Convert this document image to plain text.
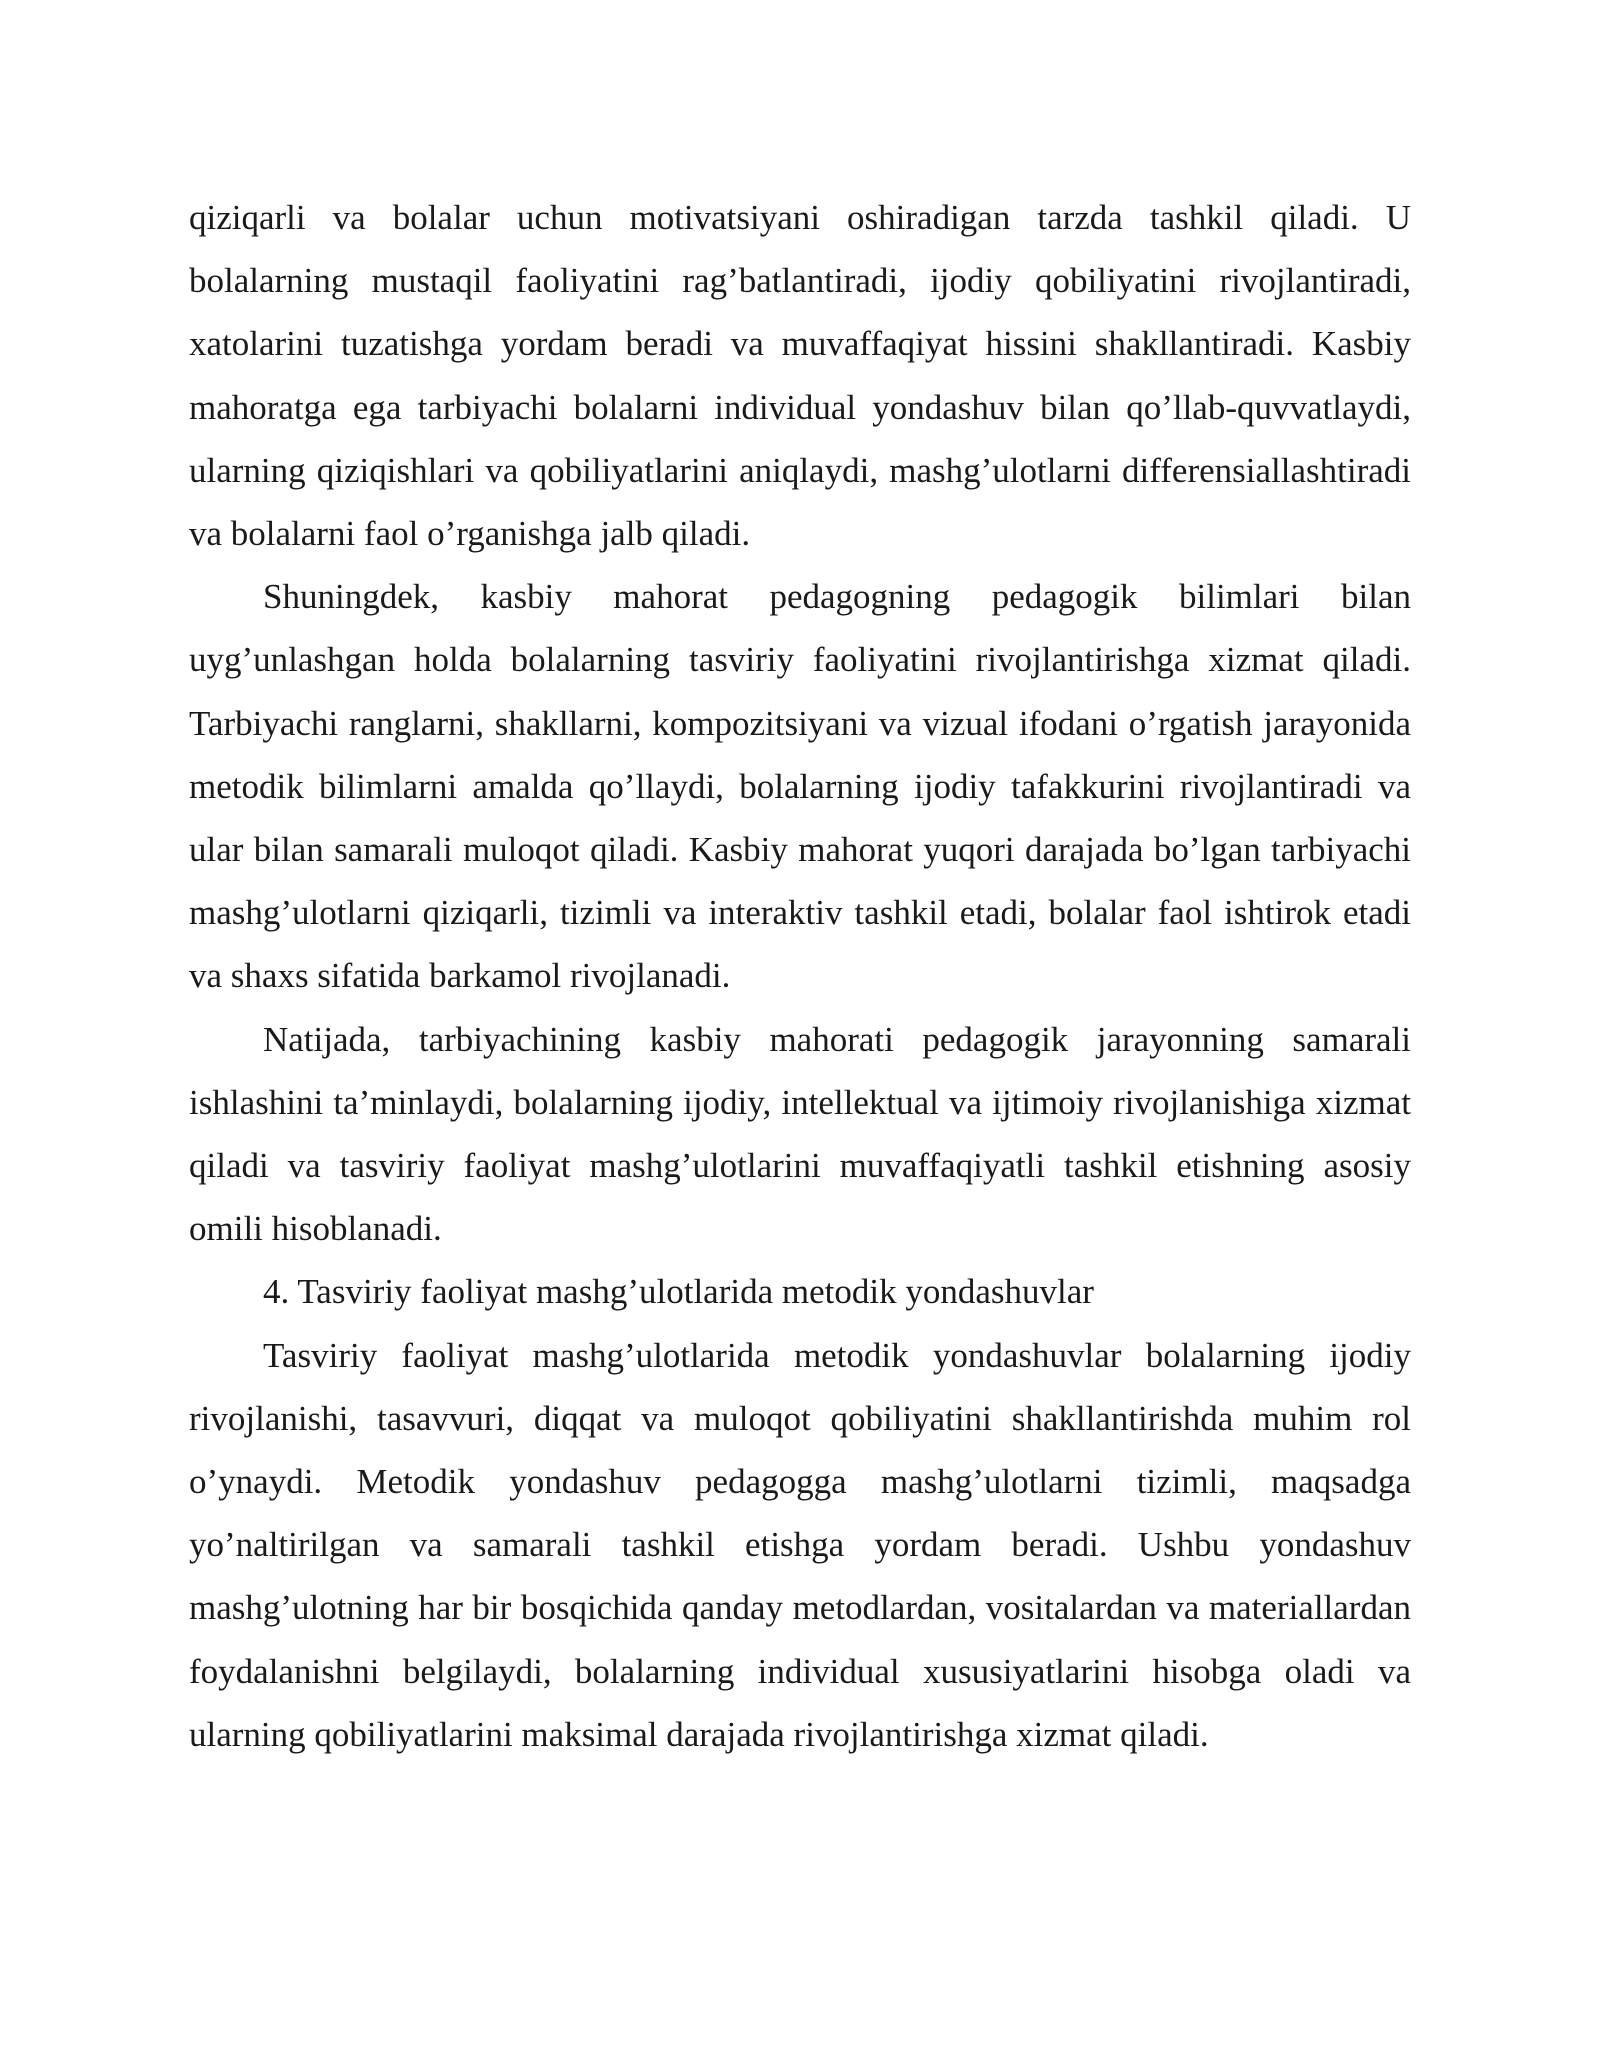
qiziqarli va bolalar uchun motivatsiyani oshiradigan tarzda tashkil qiladi. U bolalarning mustaqil faoliyatini rag’batlantiradi, ijodiy qobiliyatini rivojlantiradi, xatolarini tuzatishga yordam beradi va muvaffaqiyat hissini shakllantiradi. Kasbiy mahoratga ega tarbiyachi bolalarni individual yondashuv bilan qo’llab-quvvatlaydi, ularning qiziqishlari va qobiliyatlarini aniqlaydi, mashg’ulotlarni differensiallashtiradi va bolalarni faol o’rganishga jalb qiladi.

Shuningdek, kasbiy mahorat pedagogning pedagogik bilimlari bilan uyg’unlashgan holda bolalarning tasviriy faoliyatini rivojlantirishga xizmat qiladi. Tarbiyachi ranglarni, shakllarni, kompozitsiyani va vizual ifodani o’rgatish jarayonida metodik bilimlarni amalda qo’llaydi, bolalarning ijodiy tafakkurini rivojlantiradi va ular bilan samarali muloqot qiladi. Kasbiy mahorat yuqori darajada bo’lgan tarbiyachi mashg’ulotlarni qiziqarli, tizimli va interaktiv tashkil etadi, bolalar faol ishtirok etadi va shaxs sifatida barkamol rivojlanadi.

Natijada, tarbiyachining kasbiy mahorati pedagogik jarayonning samarali ishlashini ta’minlaydi, bolalarning ijodiy, intellektual va ijtimoiy rivojlanishiga xizmat qiladi va tasviriy faoliyat mashg’ulotlarini muvaffaqiyatli tashkil etishning asosiy omili hisoblanadi.

4. Tasviriy faoliyat mashg’ulotlarida metodik yondashuvlar

Tasviriy faoliyat mashg’ulotlarida metodik yondashuvlar bolalarning ijodiy rivojlanishi, tasavvuri, diqqat va muloqot qobiliyatini shakllantirishda muhim rol o’ynaydi. Metodik yondashuv pedagogga mashg’ulotlarni tizimli, maqsadga yo’naltirilgan va samarali tashkil etishga yordam beradi. Ushbu yondashuv mashg’ulotning har bir bosqichida qanday metodlardan, vositalardan va materiallardan foydalanishni belgilaydi, bolalarning individual xususiyatlarini hisobga oladi va ularning qobiliyatlarini maksimal darajada rivojlantirishga xizmat qiladi.
